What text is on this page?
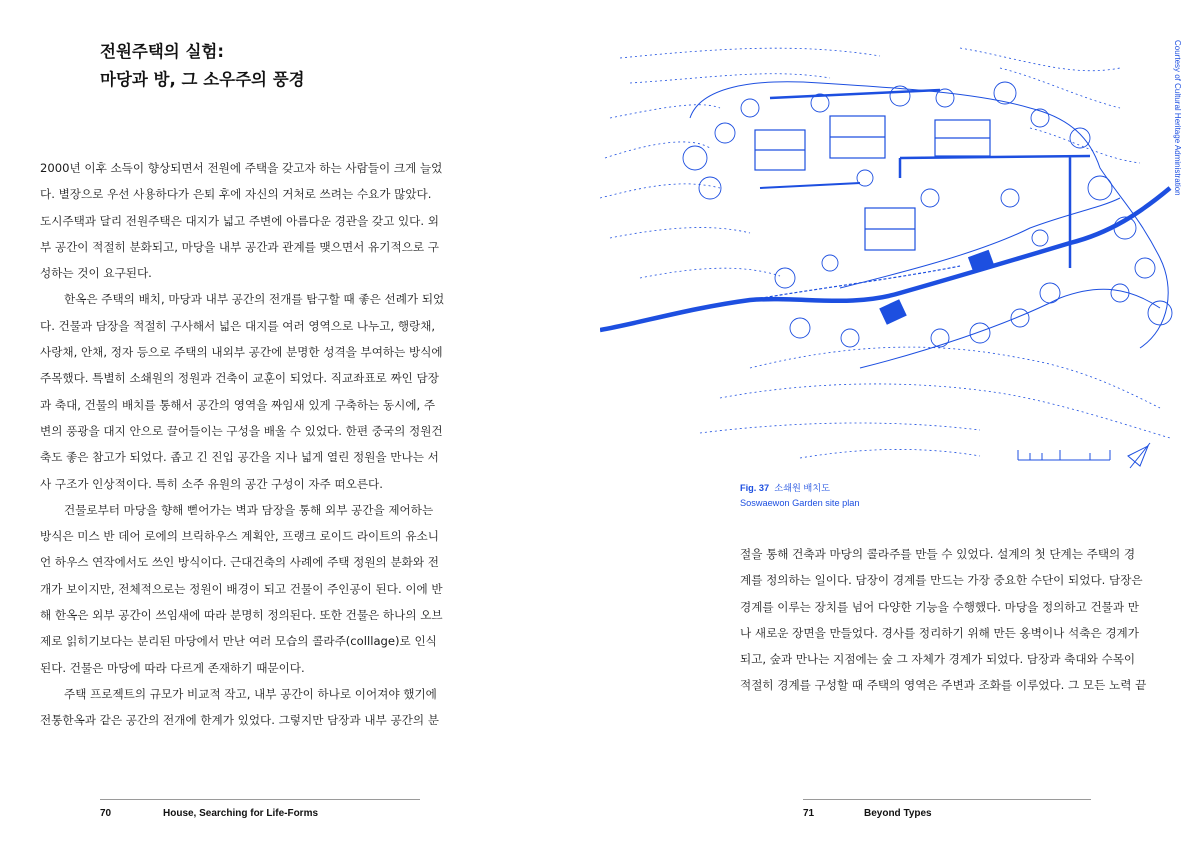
전원주택의 실험:
마당과 방, 그 소우주의 풍경
2000년 이후 소득이 향상되면서 전원에 주택을 갖고자 하는 사람들이 크게 늘었
다. 별장으로 우선 사용하다가 은퇴 후에 자신의 거처로 쓰려는 수요가 많았다.
도시주택과 달리 전원주택은 대지가 넓고 주변에 아름다운 경관을 갖고 있다. 외
부 공간이 적절히 분화되고, 마당을 내부 공간과 관계를 맺으면서 유기적으로 구
성하는 것이 요구된다.
한옥은 주택의 배치, 마당과 내부 공간의 전개를 탐구할 때 좋은 선례가 되었
다. 건물과 담장을 적절히 구사해서 넓은 대지를 여러 영역으로 나누고, 행랑채,
사랑채, 안채, 정자 등으로 주택의 내외부 공간에 분명한 성격을 부여하는 방식에
주목했다. 특별히 소쇄원의 정원과 건축이 교훈이 되었다. 직교좌표로 짜인 담장
과 축대, 건물의 배치를 통해서 공간의 영역을 짜임새 있게 구축하는 동시에, 주
변의 풍광을 대지 안으로 끌어들이는 구성을 배울 수 있었다. 한편 중국의 정원건
축도 좋은 참고가 되었다. 좁고 긴 진입 공간을 지나 넓게 열린 정원을 만나는 서
사 구조가 인상적이다. 특히 소주 유원의 공간 구성이 자주 떠오른다.
건물로부터 마당을 향해 뻗어가는 벽과 담장을 통해 외부 공간을 제어하는
방식은 미스 반 데어 로에의 브릭하우스 계획안, 프랭크 로이드 라이트의 유소니
언 하우스 연작에서도 쓰인 방식이다. 근대건축의 사례에 주택 정원의 분화와 전
개가 보이지만, 전체적으로는 정원이 배경이 되고 건물이 주인공이 된다. 이에 반
해 한옥은 외부 공간이 쓰임새에 따라 분명히 정의된다. 또한 건물은 하나의 오브
제로 읽히기보다는 분리된 마당에서 만난 여러 모습의 콜라주(colllage)로 인식
된다. 건물은 마당에 따라 다르게 존재하기 때문이다.
주택 프로젝트의 규모가 비교적 작고, 내부 공간이 하나로 이어져야 했기에
전통한옥과 같은 공간의 전개에 한계가 있었다. 그렇지만 담장과 내부 공간의 분
70	House, Searching for Life-Forms
Courtesy of Cultural Heritage Administration
Fig. 37 소쇄원 배치도
Soswaewon Garden site plan
절을 통해 건축과 마당의 콜라주를 만들 수 있었다. 설계의 첫 단계는 주택의 경
계를 정의하는 일이다. 담장이 경계를 만드는 가장 중요한 수단이 되었다. 담장은
경계를 이루는 장치를 넘어 다양한 기능을 수행했다. 마당을 정의하고 건물과 만
나 새로운 장면을 만들었다. 경사를 정리하기 위해 만든 옹벽이나 석축은 경계가
되고, 숲과 만나는 지점에는 숲 그 자체가 경계가 되었다. 담장과 축대와 수목이
적절히 경계를 구성할 때 주택의 영역은 주변과 조화를 이루었다. 그 모든 노력 끝
71	Beyond Types
